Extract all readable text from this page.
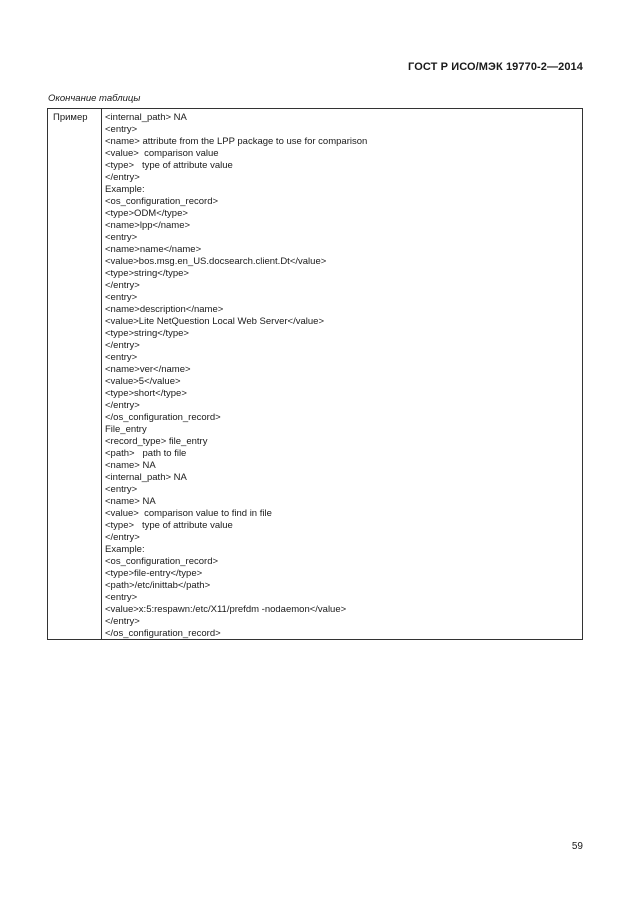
ГОСТ Р ИСО/МЭК 19770-2—2014
Окончание таблицы
Пример	<internal_path> NA
<entry>
<name> attribute from the LPP package to use for comparison
<value>  comparison value
<type>   type of attribute value
</entry>
Example:
<os_configuration_record>
<type>ODM</type>
<name>lpp</name>
<entry>
<name>name</name>
<value>bos.msg.en_US.docsearch.client.Dt</value>
<type>string</type>
</entry>
<entry>
<name>description</name>
<value>Lite NetQuestion Local Web Server</value>
<type>string</type>
</entry>
<entry>
<name>ver</name>
<value>5</value>
<type>short</type>
</entry>
</os_configuration_record>
File_entry
<record_type> file_entry
<path>   path to file
<name> NA
<internal_path> NA
<entry>
<name> NA
<value>  comparison value to find in file
<type>   type of attribute value
</entry>
Example:
<os_configuration_record>
<type>file-entry</type>
<path>/etc/inittab</path>
<entry>
<value>x:5:respawn:/etc/X11/prefdm -nodaemon</value>
</entry>
</os_configuration_record>
59
